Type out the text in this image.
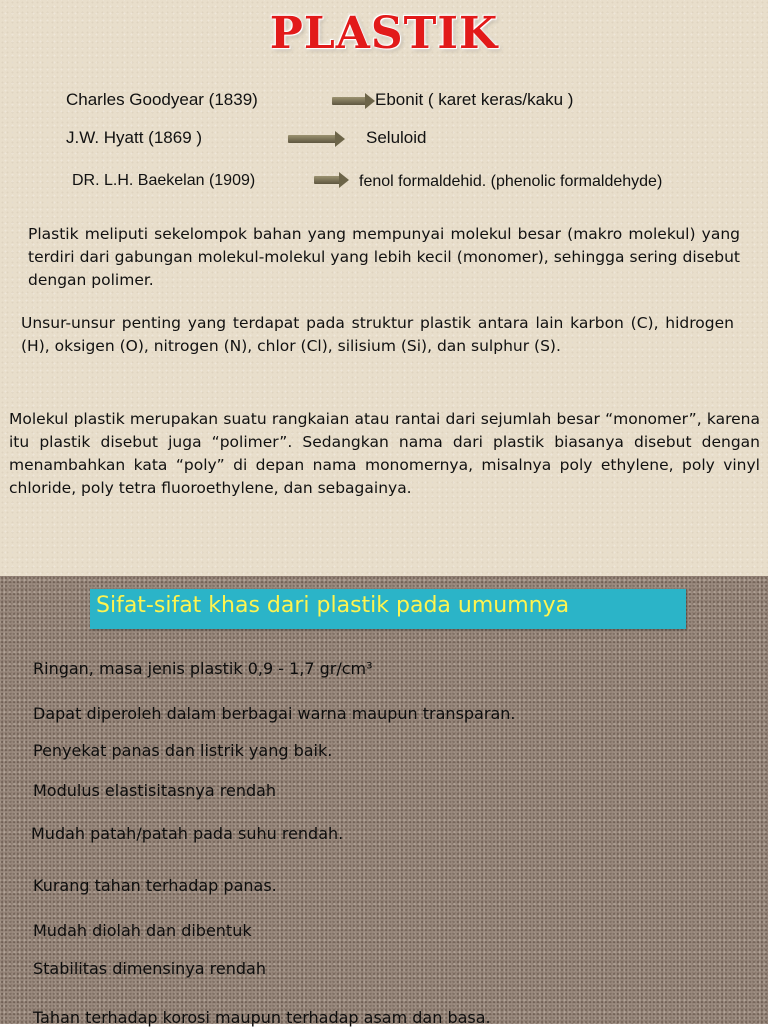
PLASTIK
Charles Goodyear (1839)	Ebonit ( karet keras/kaku )
J.W. Hyatt (1869 )	Seluloid
DR. L.H. Baekelan (1909)	fenol formaldehid. (phenolic formaldehyde)
Plastik meliputi sekelompok bahan yang mempunyai molekul besar (makro molekul) yang terdiri dari gabungan molekul-molekul yang lebih kecil (monomer), sehingga sering disebut dengan polimer.
Unsur-unsur penting yang terdapat pada struktur plastik antara lain karbon (C), hidrogen (H), oksigen (O), nitrogen (N), chlor (Cl), silisium (Si), dan sulphur (S).
Molekul plastik merupakan suatu rangkaian atau rantai dari sejumlah besar “monomer”, karena itu plastik disebut juga “polimer”. Sedangkan nama dari plastik biasanya disebut dengan menambahkan kata “poly” di depan nama monomernya, misalnya poly ethylene, poly vinyl chloride, poly tetra fluoroethylene, dan sebagainya.
Sifat-sifat khas dari plastik pada umumnya
Ringan, masa jenis plastik 0,9 - 1,7 gr/cm³
Dapat diperoleh dalam berbagai warna maupun transparan.
Penyekat panas dan listrik yang baik.
Modulus elastisitasnya rendah
Mudah patah/patah pada suhu rendah.
Kurang tahan terhadap panas.
Mudah diolah dan dibentuk
Stabilitas dimensinya rendah
Tahan terhadap korosi maupun terhadap asam dan basa.
